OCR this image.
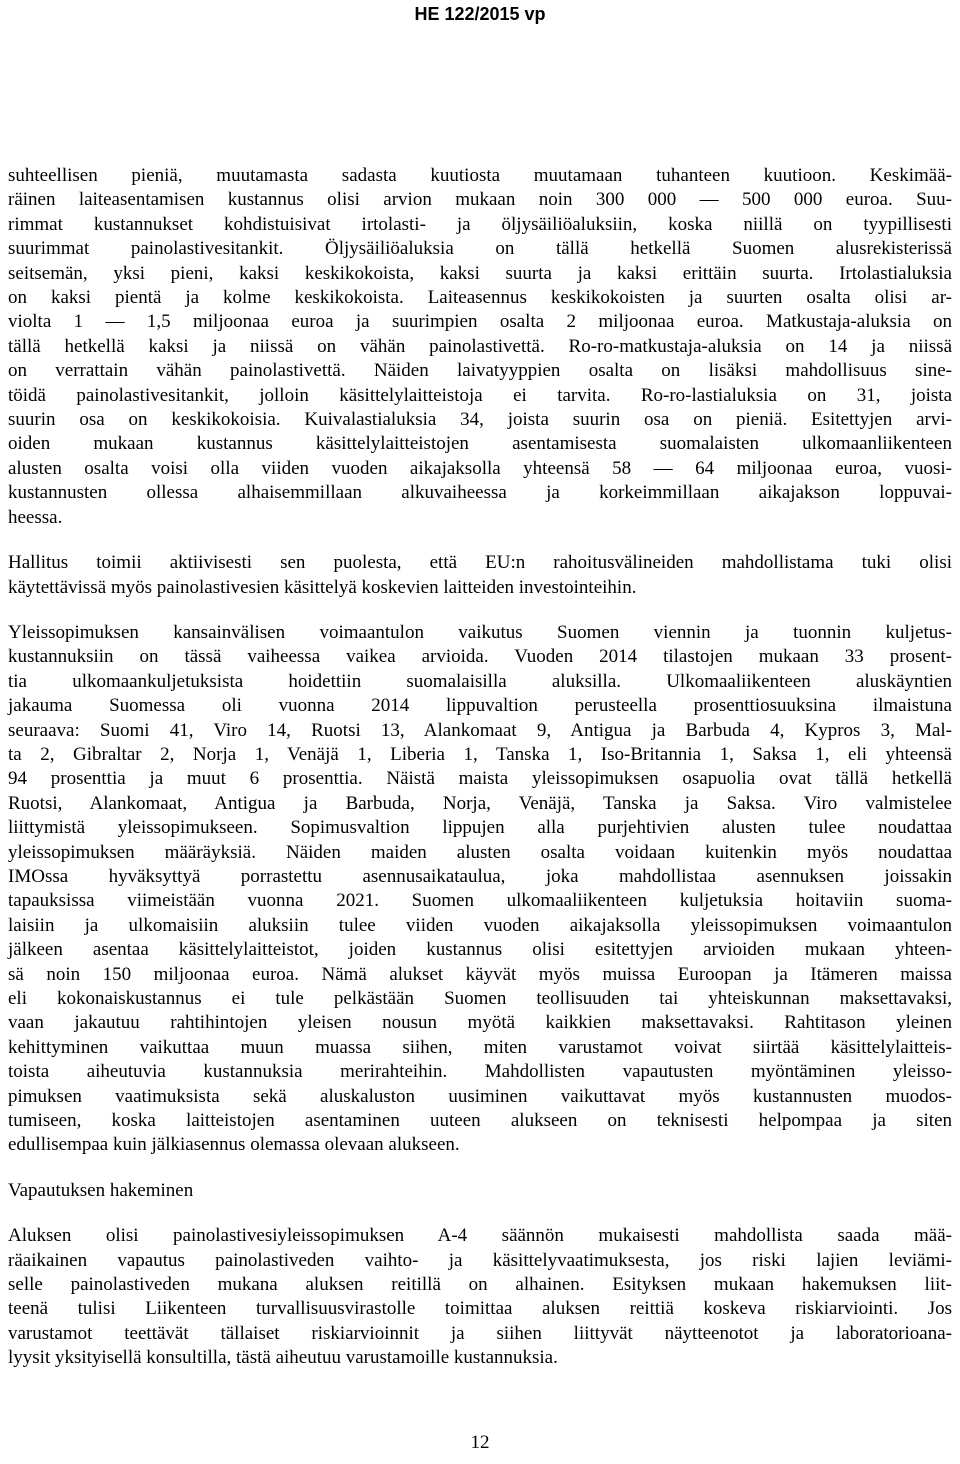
HE 122/2015 vp

suhteellisen pieniä, muutamasta sadasta kuutiosta muutamaan tuhanteen kuutioon. Keskimää-
räinen laiteasentamisen kustannus olisi arvion mukaan noin 300 000 — 500 000 euroa. Suu-
rimmat kustannukset kohdistuisivat irtolasti- ja öljysäiliöaluksiin, koska niillä on tyypillisesti
suurimmat painolastivesitankit. Öljysäiliöaluksia on tällä hetkellä Suomen alusrekisterissä
seitsemän, yksi pieni, kaksi keskikokoista, kaksi suurta ja kaksi erittäin suurta. Irtolastialuksia
on kaksi pientä ja kolme keskikokoista. Laiteasennus keskikokoisten ja suurten osalta olisi ar-
violta 1 — 1,5 miljoonaa euroa ja suurimpien osalta 2 miljoonaa euroa. Matkustaja-aluksia on
tällä hetkellä kaksi ja niissä on vähän painolastivettä. Ro-ro-matkustaja-aluksia on 14 ja niissä
on verrattain vähän painolastivettä. Näiden laivatyyppien osalta on lisäksi mahdollisuus sine-
töidä painolastivesitankit, jolloin käsittelylaitteistoja ei tarvita. Ro-ro-lastialuksia on 31, joista
suurin osa on keskikokoisia. Kuivalastialuksia 34, joista suurin osa on pieniä. Esitettyjen arvi-
oiden mukaan kustannus käsittelylaitteistojen asentamisesta suomalaisten ulkomaanliikenteen
alusten osalta voisi olla viiden vuoden aikajaksolla yhteensä 58 — 64 miljoonaa euroa, vuosi-
kustannusten ollessa alhaisemmillaan alkuvaiheessa ja korkeimmillaan aikajakson loppuvai-
heessa.

Hallitus toimii aktiivisesti sen puolesta, että EU:n rahoitusvälineiden mahdollistama tuki olisi
käytettävissä myös painolastivesien käsittelyä koskevien laitteiden investointeihin.

Yleissopimuksen kansainvälisen voimaantulon vaikutus Suomen viennin ja tuonnin kuljetus-
kustannuksiin on tässä vaiheessa vaikea arvioida. Vuoden 2014 tilastojen mukaan 33 prosent-
tia ulkomaankuljetuksista hoidettiin suomalaisilla aluksilla. Ulkomaaliikenteen aluskäyntien
jakauma Suomessa oli vuonna 2014 lippuvaltion perusteella prosenttiosuuksina ilmaistuna
seuraava: Suomi 41, Viro 14, Ruotsi 13, Alankomaat 9, Antigua ja Barbuda 4, Kypros 3, Mal-
ta 2, Gibraltar 2, Norja 1, Venäjä 1, Liberia 1, Tanska 1, Iso-Britannia 1, Saksa 1, eli yhteensä
94 prosenttia ja muut 6 prosenttia. Näistä maista yleissopimuksen osapuolia ovat tällä hetkellä
Ruotsi, Alankomaat, Antigua ja Barbuda, Norja, Venäjä, Tanska ja Saksa. Viro valmistelee
liittymistä yleissopimukseen. Sopimusvaltion lippujen alla purjehtivien alusten tulee noudattaa
yleissopimuksen määräyksiä. Näiden maiden alusten osalta voidaan kuitenkin myös noudattaa
IMOssa hyväksyttyä porrastettu asennusaikataulua, joka mahdollistaa asennuksen joissakin
tapauksissa viimeistään vuonna 2021. Suomen ulkomaaliikenteen kuljetuksia hoitaviin suoma-
laisiin ja ulkomaisiin aluksiin tulee viiden vuoden aikajaksolla yleissopimuksen voimaantulon
jälkeen asentaa käsittelylaitteistot, joiden kustannus olisi esitettyjen arvioiden mukaan yhteen-
sä noin 150 miljoonaa euroa. Nämä alukset käyvät myös muissa Euroopan ja Itämeren maissa
eli kokonaiskustannus ei tule pelkästään Suomen teollisuuden tai yhteiskunnan maksettavaksi,
vaan jakautuu rahtihintojen yleisen nousun myötä kaikkien maksettavaksi. Rahtitason yleinen
kehittyminen vaikuttaa muun muassa siihen, miten varustamot voivat siirtää käsittelylaitteis-
toista aiheutuvia kustannuksia merirahteihin. Mahdollisten vapautusten myöntäminen yleisso-
pimuksen vaatimuksista sekä aluskaluston uusiminen vaikuttavat myös kustannusten muodos-
tumiseen, koska laitteistojen asentaminen uuteen alukseen on teknisesti helpompaa ja siten
edullisempaa kuin jälkiasennus olemassa olevaan alukseen.

Vapautuksen hakeminen

Aluksen olisi painolastivesiyleissopimuksen A-4 säännön mukaisesti mahdollista saada mää-
räaikainen vapautus painolastiveden vaihto- ja käsittelyvaatimuksesta, jos riski lajien leviämi-
selle painolastiveden mukana aluksen reitillä on alhainen. Esityksen mukaan hakemuksen liit-
teenä tulisi Liikenteen turvallisuusvirastolle toimittaa aluksen reittiä koskeva riskiarviointi. Jos
varustamot teettävät tällaiset riskiarvioinnit ja siihen liittyvät näytteenotot ja laboratorioana-
lyysit yksityisellä konsultilla, tästä aiheutuu varustamoille kustannuksia.

12
